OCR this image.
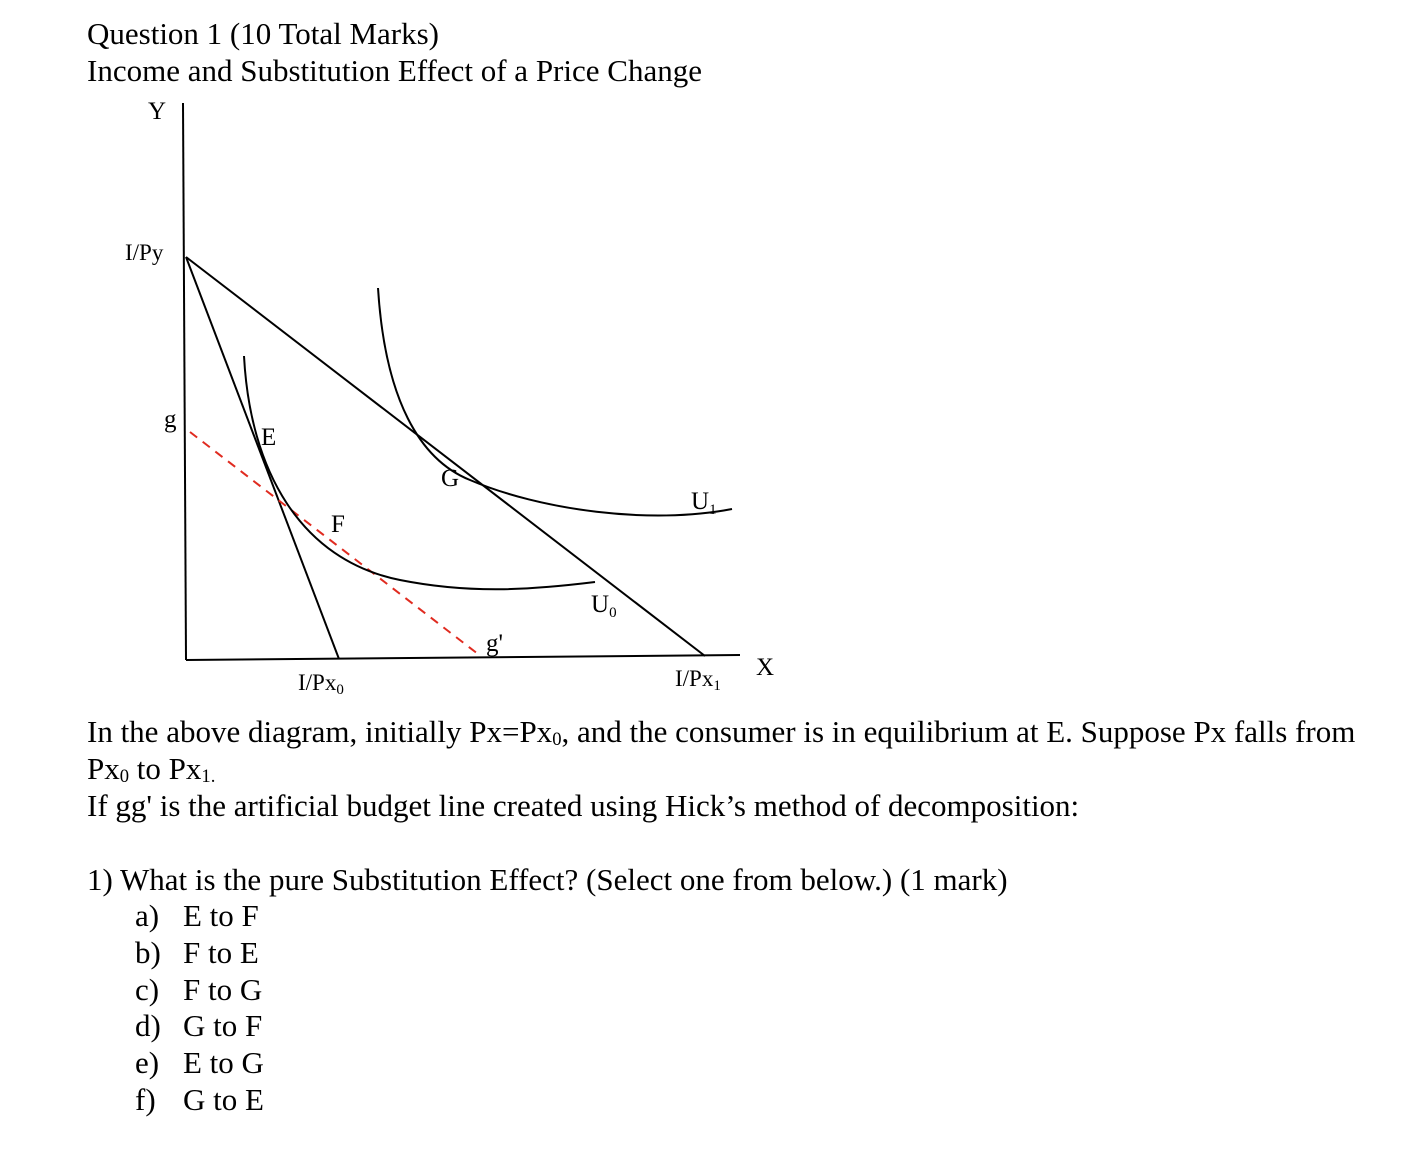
Question 1 (10 Total Marks)
Income and Substitution Effect of a Price Change
Y
X
I/Py
g
g'
E
F
G
$U_1$
$U_0$
I/Px0	I/Px1
In the above diagram, initially $Px=Px_0$, and the consumer is in equilibrium at E. Suppose Px falls from
$Px_0$ to $Px_{1.}$
If gg' is the artificial budget line created using Hick’s method of decomposition:
1) What is the pure Substitution Effect? (Select one from below.) (1 mark)
a) E to F
b) F to E
c) F to G
d) G to F
e) E to G
f) G to E
